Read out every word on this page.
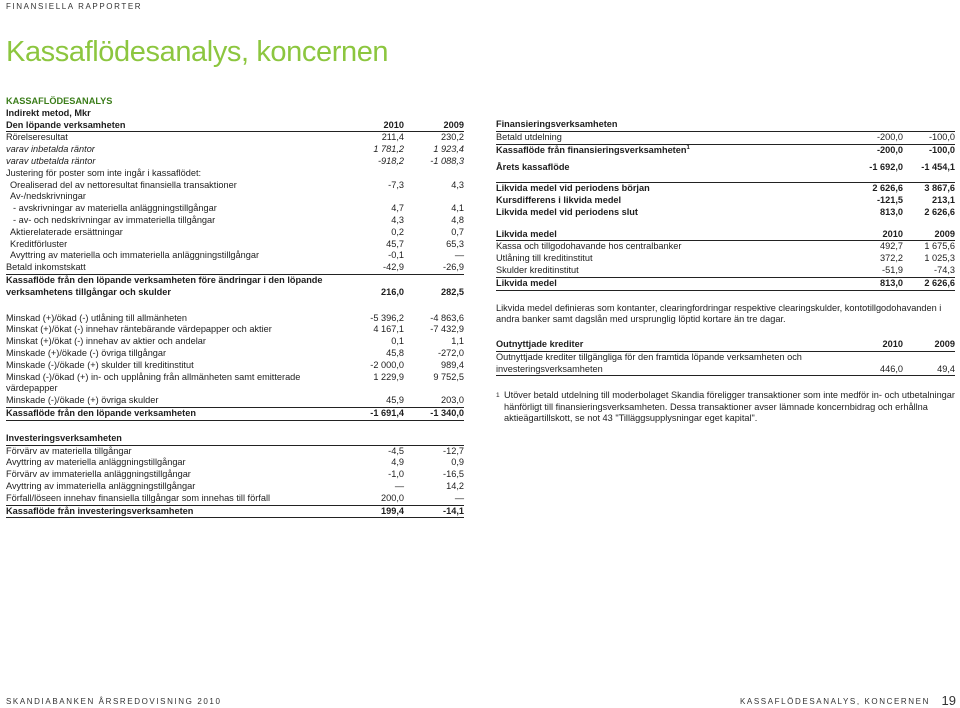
FINANSIELLA RAPPORTER
Kassaflödesanalys, koncernen
KASSAFLÖDESANALYS
Indirekt metod, Mkr
Den löpande verksamheten	2010	2009
Rörelseresultat	211,4	230,2
varav inbetalda räntor	1 781,2	1 923,4
varav utbetalda räntor	-918,2	-1 088,3
Justering för poster som inte ingår i kassaflödet:
Orealiserad del av nettoresultat finansiella transaktioner	-7,3	4,3
Av-/nedskrivningar
- avskrivningar av materiella anläggningstillgångar	4,7	4,1
- av- och nedskrivningar av immateriella tillgångar	4,3	4,8
Aktierelaterade ersättningar	0,2	0,7
Kreditförluster	45,7	65,3
Avyttring av materiella och immateriella anläggningstillgångar	-0,1	—
Betald inkomstskatt	-42,9	-26,9
Kassaflöde från den löpande verksamheten före ändringar i den löpande
verksamhetens tillgångar och skulder	216,0	282,5
Minskad (+)/ökad (-) utlåning till allmänheten	-5 396,2	-4 863,6
Minskat (+)/ökat (-) innehav räntebärande värdepapper och aktier	4 167,1	-7 432,9
Minskat (+)/ökat (-) innehav av aktier och andelar	0,1	1,1
Minskade (+)/ökade (-) övriga tillgångar	45,8	-272,0
Minskade (-)/ökade (+) skulder till kreditinstitut	-2 000,0	989,4
Minskad (-)/ökad (+) in- och upplåning från allmänheten samt emitterade värdepapper
1 229,9	9 752,5
Minskade (-)/ökade (+) övriga skulder	45,9	203,0
Kassaflöde från den löpande verksamheten	-1 691,4	-1 340,0
Investeringsverksamheten
Förvärv av materiella tillgångar	-4,5	-12,7
Avyttring av materiella anläggningstillgångar	4,9	0,9
Förvärv av immateriella anläggningstillgångar	-1,0	-16,5
Avyttring av immateriella anläggningstillgångar	—	14,2
Förfall/löseen innehav finansiella tillgångar som innehas till förfall	200,0	—
Kassaflöde från investeringsverksamheten	199,4	-14,1
Finansieringsverksamheten
Betald utdelning	-200,0	-100,0
Kassaflöde från finansieringsverksamheten$^1$	-200,0	-100,0
Årets kassaflöde	-1 692,0	-1 454,1
Likvida medel vid periodens början	2 626,6	3 867,6
Kursdifferens i likvida medel	-121,5	213,1
Likvida medel vid periodens slut	813,0	2 626,6
Likvida medel	2010	2009
Kassa och tillgodohavande hos centralbanker	492,7	1 675,6
Utlåning till kreditinstitut	372,2	1 025,3
Skulder kreditinstitut	-51,9	-74,3
Likvida medel	813,0	2 626,6
Likvida medel definieras som kontanter, clearingfordringar respektive clearingskulder, kontotillgodohavanden i andra banker samt dagslån med ursprunglig löptid kortare än tre dagar.
Outnyttjade krediter	2010	2009
Outnyttjade krediter tillgängliga för den framtida löpande verksamheten och
investeringsverksamheten	446,0	49,4
1 Utöver betald utdelning till moderbolaget Skandia föreligger transaktioner som inte medför in- och utbetalningar hänförligt till finansieringsverksamheten. Dessa transaktioner avser lämnade koncernbidrag och erhållna aktieägartillskott, se not 43 "Tilläggsupplysningar eget kapital".
SKANDIABANKEN ÅRSREDOVISNING 2010	KASSAFLÖDESANALYS, KONCERNEN 19
